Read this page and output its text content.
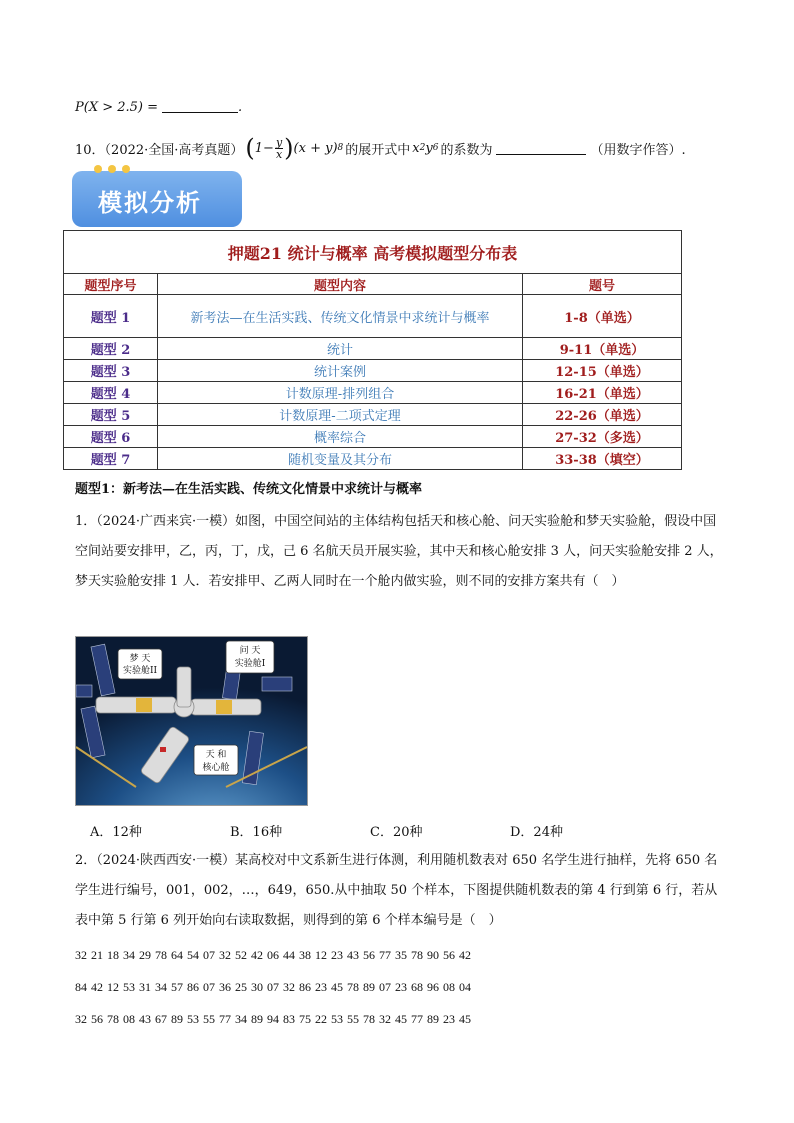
P(X > 2.5) =	.
10．（2022·全国·高考真题） ( $1- \frac{y}{x}$ ) (x + y) 8 的展开式中 x 2 y 6 的系数为	（用数字作答）.
模拟分析
押题21 统计与概率 高考模拟题型分布表		
题型序号	题型内容	题号
题型 1	新考法—在生活实践、传统文化情景中求统计与概率	1-8（单选）
题型 2	统计	9-11（单选）
题型 3	统计案例	12-15（单选）
题型 4	计数原理-排列组合	16-21（单选）
题型 5	计数原理-二项式定理	22-26（单选）
题型 6	概率综合	27-32（多选）
题型 7	随机变量及其分布	33-38（填空）
题型1：新考法—在生活实践、传统文化情景中求统计与概率
1．（2024·广西来宾·一模）如图，中国空间站的主体结构包括天和核心舱、问天实验舱和梦天实验舱，假设中国空间站要安排甲，乙，丙，丁，戊，己 6 名航天员开展实验，其中天和核心舱安排 3 人，问天实验舱安排 2 人，梦天实验舱安排 1 人．若安排甲、乙两人同时在一个舱内做实验，则不同的安排方案共有（　）
梦 天
实验舱II
问 天
实验舱I
天 和
核心舱
A．12种	B．16种	C．20种	D．24种
2．（2024·陕西西安·一模）某高校对中文系新生进行体测，利用随机数表对 650 名学生进行抽样，先将 650 名学生进行编号，001，002，…，649，650.从中抽取 50 个样本，下图提供随机数表的第 4 行到第 6 行，若从表中第 5 行第 6 列开始向右读取数据，则得到的第 6 个样本编号是（　）
32 21 18 34 29 78 64 54 07 32 52 42 06 44 38 12 23 43 56 77 35 78 90 56 42
84 42 12 53 31 34 57 86 07 36 25 30 07 32 86 23 45 78 89 07 23 68 96 08 04
32 56 78 08 43 67 89 53 55 77 34 89 94 83 75 22 53 55 78 32 45 77 89 23 45
